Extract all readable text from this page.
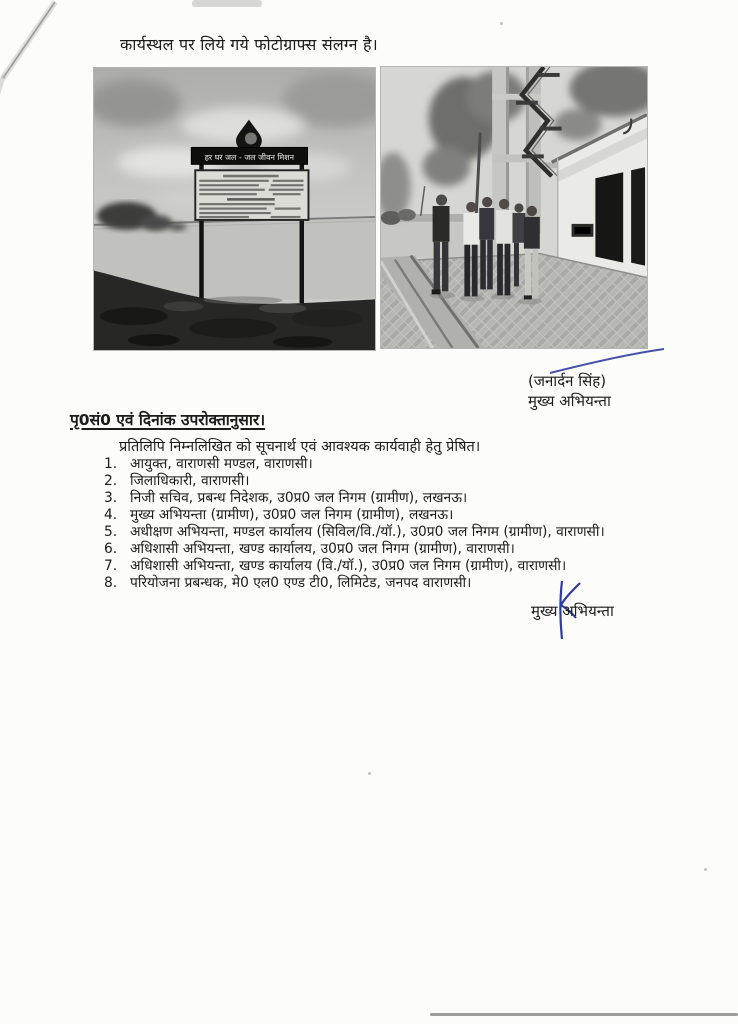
कार्यस्थल पर लिये गये फोटोग्राफ्स संलग्न है।
हर घर जल - जल जीवन मिशन
(जनार्दन सिंह)
मुख्य अभियन्ता
पृ0सं0 एवं दिनांक उपरोक्तानुसार।
प्रतिलिपि निम्नलिखित को सूचनार्थ एवं आवश्यक कार्यवाही हेतु प्रेषित।
1. आयुक्त, वाराणसी मण्डल, वाराणसी।
2. जिलाधिकारी, वाराणसी।
3. निजी सचिव, प्रबन्ध निदेशक, उ0प्र0 जल निगम (ग्रामीण), लखनऊ।
4. मुख्य अभियन्ता (ग्रामीण), उ0प्र0 जल निगम (ग्रामीण), लखनऊ।
5. अधीक्षण अभियन्ता, मण्डल कार्यालय (सिविल/वि./यॉ.), उ0प्र0 जल निगम (ग्रामीण), वाराणसी।
6. अधिशासी अभियन्ता, खण्ड कार्यालय, उ0प्र0 जल निगम (ग्रामीण), वाराणसी।
7. अधिशासी अभियन्ता, खण्ड कार्यालय (वि./यॉ.), उ0प्र0 जल निगम (ग्रामीण), वाराणसी।
8. परियोजना प्रबन्धक, मे0 एल0 एण्ड टी0, लिमिटेड, जनपद वाराणसी।
मुख्य अभियन्ता
